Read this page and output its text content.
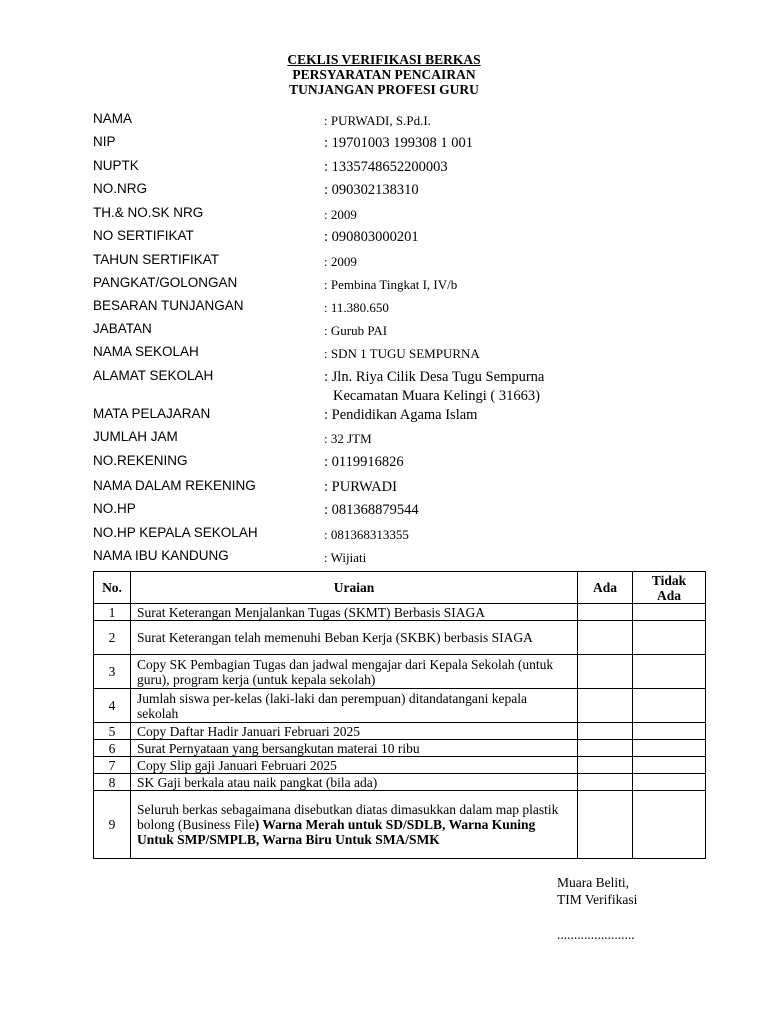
CEKLIS VERIFIKASI BERKAS
PERSYARATAN PENCAIRAN
TUNJANGAN PROFESI GURU
NAMA	: PURWADI, S.Pd.I.
NIP	: 19701003 199308 1 001
NUPTK	: 1335748652200003
NO.NRG	: 090302138310
TH.& NO.SK NRG	: 2009
NO SERTIFIKAT	: 090803000201
TAHUN SERTIFIKAT	: 2009
PANGKAT/GOLONGAN	: Pembina Tingkat I, IV/b
BESARAN TUNJANGAN	: 11.380.650
JABATAN	: Gurub PAI
NAMA SEKOLAH	: SDN 1 TUGU SEMPURNA
ALAMAT SEKOLAH	: Jln. Riya Cilik Desa Tugu Sempurna
Kecamatan Muara Kelingi ( 31663)
MATA PELAJARAN	: Pendidikan Agama Islam
JUMLAH JAM	: 32 JTM
NO.REKENING	: 0119916826
NAMA DALAM REKENING	: PURWADI
NO.HP	: 081368879544
NO.HP KEPALA SEKOLAH	: 081368313355
NAMA IBU KANDUNG	: Wijiati
No.	Uraian	Ada	Tidak
Ada
1	Surat Keterangan Menjalankan Tugas (SKMT) Berbasis SIAGA		
2	Surat Keterangan telah memenuhi Beban Kerja (SKBK) berbasis SIAGA		
3	Copy SK Pembagian Tugas dan jadwal mengajar dari Kepala Sekolah (untuk guru), program kerja (untuk kepala sekolah)		
4	Jumlah siswa per-kelas (laki-laki dan perempuan) ditandatangani kepala sekolah		
5	Copy Daftar Hadir Januari Februari 2025		
6	Surat Pernyataan yang bersangkutan materai 10 ribu		
7	Copy Slip gaji Januari Februari 2025		
8	SK Gaji berkala atau naik pangkat (bila ada)		
9	Seluruh berkas sebagaimana disebutkan diatas dimasukkan dalam map plastik bolong (Business File) Warna Merah untuk SD/SDLB, Warna Kuning Untuk SMP/SMPLB, Warna Biru Untuk SMA/SMK		
Muara Beliti,
TIM Verifikasi
.......................
